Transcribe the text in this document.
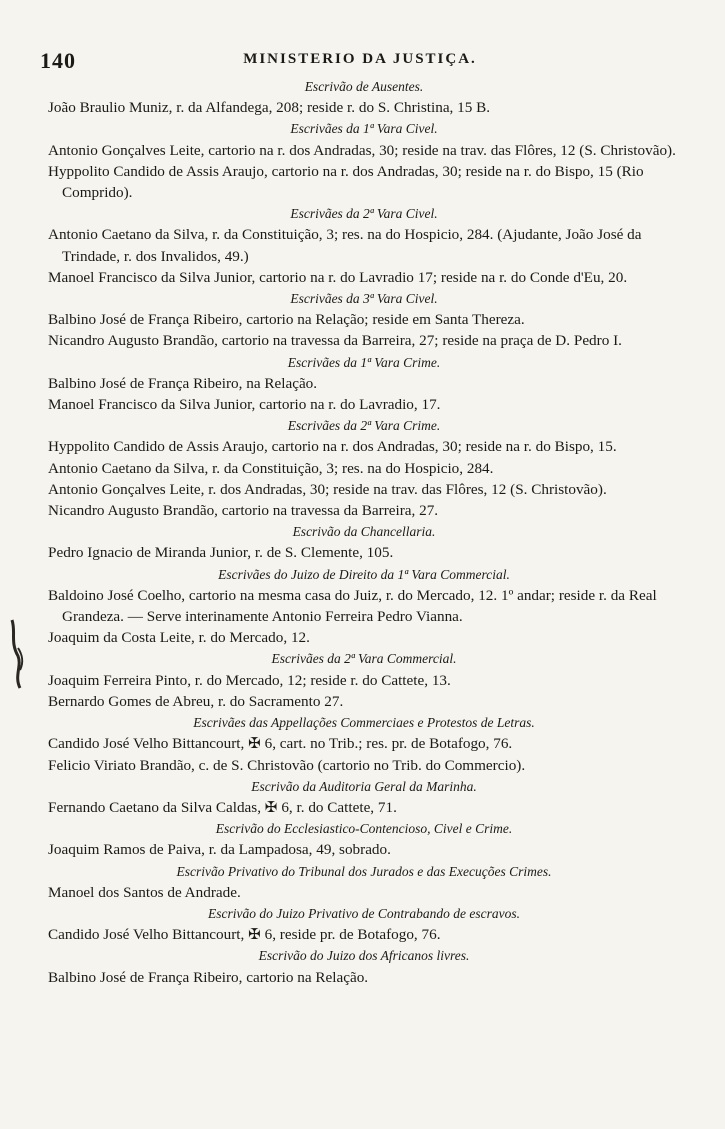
140	MINISTERIO DA JUSTIÇA.
Escrivão de Ausentes.
João Braulio Muniz, r. da Alfandega, 208; reside r. do S. Christina, 15 B.
Escrivães da 1ª Vara Civel.
Antonio Gonçalves Leite, cartorio na r. dos Andradas, 30; reside na trav. das Flôres, 12 (S. Christovão).
Hyppolito Candido de Assis Araujo, cartorio na r. dos Andradas, 30; reside na r. do Bispo, 15 (Rio Comprido).
Escrivães da 2ª Vara Civel.
Antonio Caetano da Silva, r. da Constituição, 3; res. na do Hospicio, 284. (Ajudante, João José da Trindade, r. dos Invalidos, 49.)
Manoel Francisco da Silva Junior, cartorio na r. do Lavradio 17; reside na r. do Conde d'Eu, 20.
Escrivães da 3ª Vara Civel.
Balbino José de França Ribeiro, cartorio na Relação; reside em Santa Thereza.
Nicandro Augusto Brandão, cartorio na travessa da Barreira, 27; reside na praça de D. Pedro I.
Escrivães da 1ª Vara Crime.
Balbino José de França Ribeiro, na Relação.
Manoel Francisco da Silva Junior, cartorio na r. do Lavradio, 17.
Escrivães da 2ª Vara Crime.
Hyppolito Candido de Assis Araujo, cartorio na r. dos Andradas, 30; reside na r. do Bispo, 15.
Antonio Caetano da Silva, r. da Constituição, 3; res. na do Hospicio, 284.
Antonio Gonçalves Leite, r. dos Andradas, 30; reside na trav. das Flôres, 12 (S. Christovão).
Nicandro Augusto Brandão, cartorio na travessa da Barreira, 27.
Escrivão da Chancellaria.
Pedro Ignacio de Miranda Junior, r. de S. Clemente, 105.
Escrivães do Juizo de Direito da 1ª Vara Commercial.
Baldoino José Coelho, cartorio na mesma casa do Juiz, r. do Mercado, 12. 1º andar; reside r. da Real Grandeza. — Serve interinamente Antonio Ferreira Pedro Vianna.
Joaquim da Costa Leite, r. do Mercado, 12.
Escrivães da 2ª Vara Commercial.
Joaquim Ferreira Pinto, r. do Mercado, 12; reside r. do Cattete, 13.
Bernardo Gomes de Abreu, r. do Sacramento 27.
Escrivães das Appellações Commerciaes e Protestos de Letras.
Candido José Velho Bittancourt, ✠ 6, cart. no Trib.; res. pr. de Botafogo, 76.
Felicio Viriato Brandão, c. de S. Christovão (cartorio no Trib. do Commercio).
Escrivão da Auditoria Geral da Marinha.
Fernando Caetano da Silva Caldas, ✠ 6, r. do Cattete, 71.
Escrivão do Ecclesiastico-Contencioso, Civel e Crime.
Joaquim Ramos de Paiva, r. da Lampadosa, 49, sobrado.
Escrivão Privativo do Tribunal dos Jurados e das Execuções Crimes.
Manoel dos Santos de Andrade.
Escrivão do Juizo Privativo de Contrabando de escravos.
Candido José Velho Bittancourt, ✠ 6, reside pr. de Botafogo, 76.
Escrivão do Juizo dos Africanos livres.
Balbino José de França Ribeiro, cartorio na Relação.
